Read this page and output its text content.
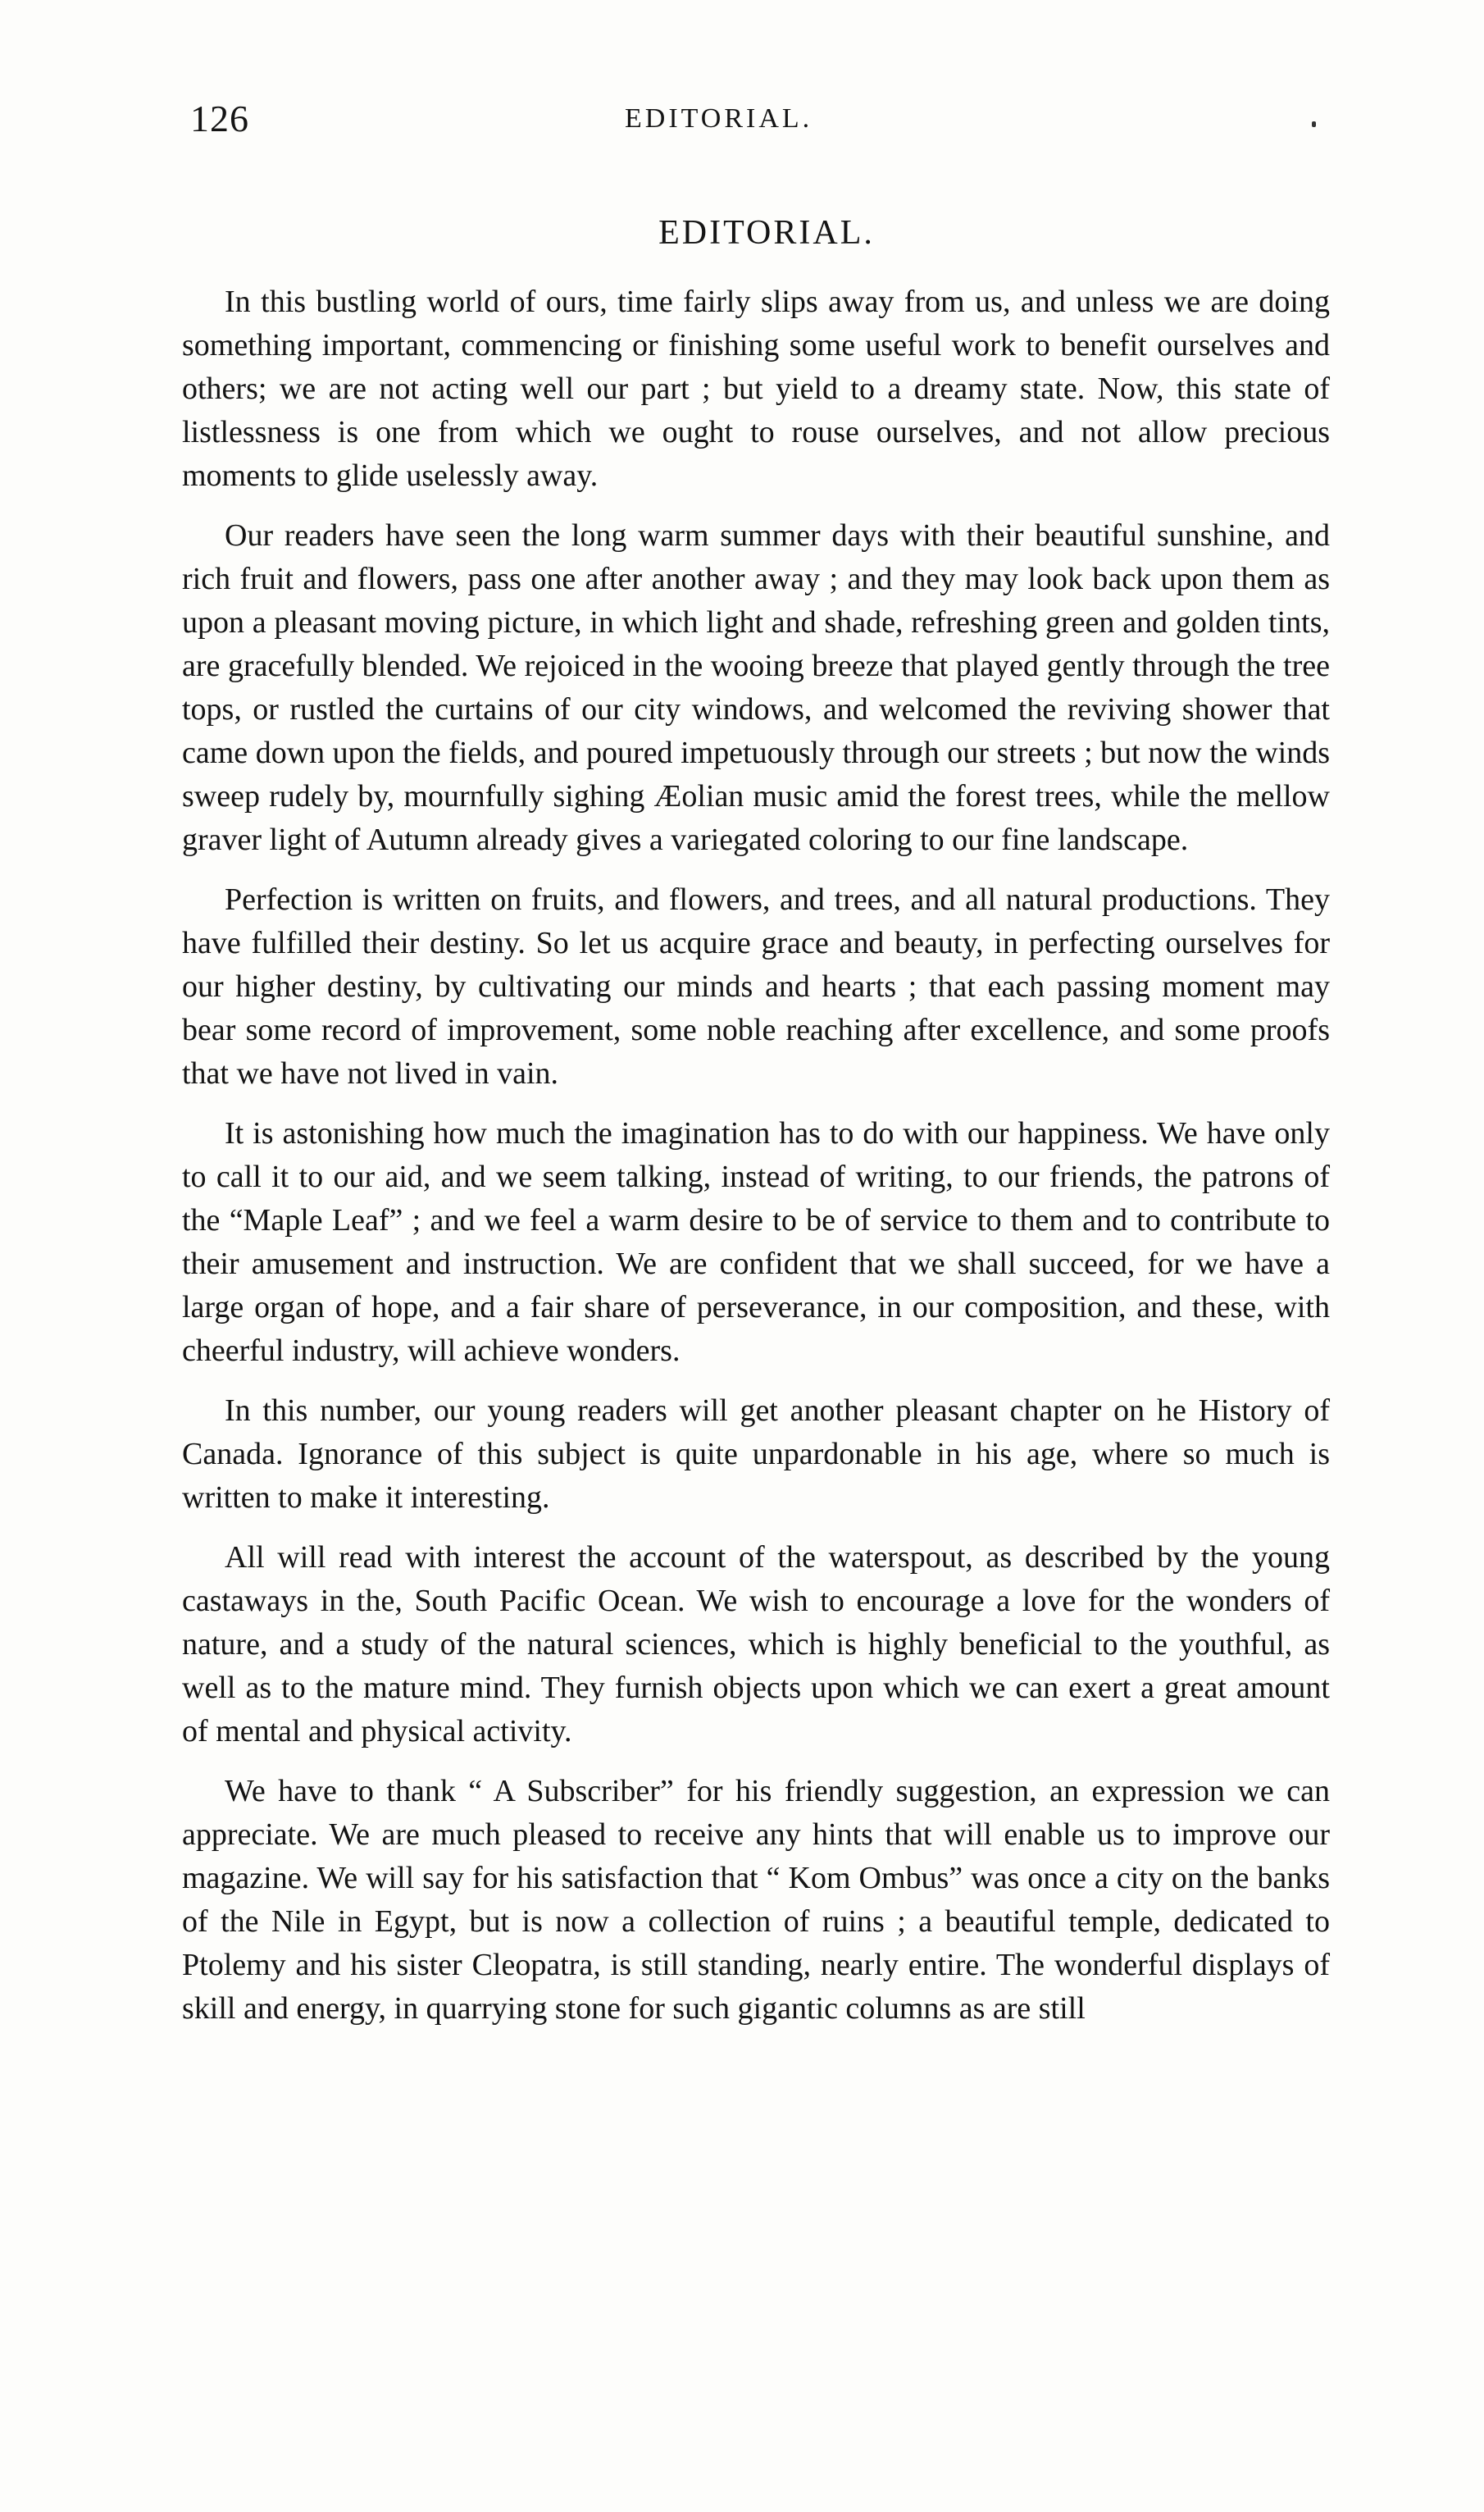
126	EDITORIAL.
EDITORIAL.

In this bustling world of ours, time fairly slips away from us, and unless we are doing something important, commencing or finishing some useful work to benefit ourselves and others; we are not acting well our part ; but yield to a dreamy state. Now, this state of listlessness is one from which we ought to rouse ourselves, and not allow precious moments to glide uselessly away.

Our readers have seen the long warm summer days with their beautiful sunshine, and rich fruit and flowers, pass one after another away ; and they may look back upon them as upon a pleasant moving picture, in which light and shade, refreshing green and golden tints, are gracefully blended. We rejoiced in the wooing breeze that played gently through the tree tops, or rustled the curtains of our city windows, and welcomed the reviving shower that came down upon the fields, and poured impetuously through our streets ; but now the winds sweep rudely by, mournfully sighing Æolian music amid the forest trees, while the mellow graver light of Autumn already gives a variegated coloring to our fine landscape.

Perfection is written on fruits, and flowers, and trees, and all natural productions. They have fulfilled their destiny. So let us acquire grace and beauty, in perfecting ourselves for our higher destiny, by cultivating our minds and hearts ; that each passing moment may bear some record of improvement, some noble reaching after excellence, and some proofs that we have not lived in vain.

It is astonishing how much the imagination has to do with our happiness. We have only to call it to our aid, and we seem talking, instead of writing, to our friends, the patrons of the “Maple Leaf” ; and we feel a warm desire to be of service to them and to contribute to their amusement and instruction. We are confident that we shall succeed, for we have a large organ of hope, and a fair share of perseverance, in our composition, and these, with cheerful industry, will achieve wonders.

In this number, our young readers will get another pleasant chapter on he History of Canada. Ignorance of this subject is quite unpardonable in his age, where so much is written to make it interesting.

All will read with interest the account of the waterspout, as described by the young castaways in the, South Pacific Ocean. We wish to encourage a love for the wonders of nature, and a study of the natural sciences, which is highly beneficial to the youthful, as well as to the mature mind. They furnish objects upon which we can exert a great amount of mental and physical activity.

We have to thank “ A Subscriber” for his friendly suggestion, an expression we can appreciate. We are much pleased to receive any hints that will enable us to improve our magazine. We will say for his satisfaction that “ Kom Ombus” was once a city on the banks of the Nile in Egypt, but is now a collection of ruins ; a beautiful temple, dedicated to Ptolemy and his sister Cleopatra, is still standing, nearly entire. The wonderful displays of skill and energy, in quarrying stone for such gigantic columns as are still
